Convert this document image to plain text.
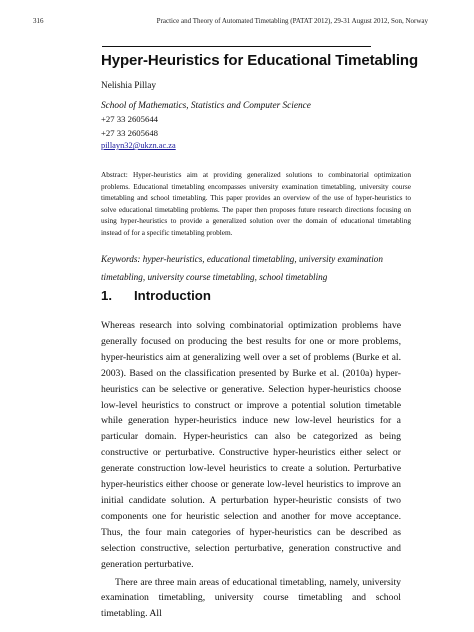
316	Practice and Theory of Automated Timetabling (PATAT 2012), 29-31 August 2012, Son, Norway
Hyper-Heuristics for Educational Timetabling
Nelishia Pillay
School of Mathematics, Statistics and Computer Science
+27 33 2605644
+27 33 2605648
pillayn32@ukzn.ac.za
Abstract: Hyper-heuristics aim at providing generalized solutions to combinatorial optimization problems. Educational timetabling encompasses university examination timetabling, university course timetabling and school timetabling. This paper provides an overview of the use of hyper-heuristics to solve educational timetabling problems. The paper then proposes future research directions focusing on using hyper-heuristics to provide a generalized solution over the domain of educational timetabling instead of for a specific timetabling problem.
Keywords: hyper-heuristics, educational timetabling, university examination timetabling, university course timetabling, school timetabling
1. Introduction

Whereas research into solving combinatorial optimization problems have generally focused on producing the best results for one or more problems, hyper-heuristics aim at generalizing well over a set of problems (Burke et al. 2003). Based on the classification presented by Burke et al. (2010a) hyper-heuristics can be selective or generative. Selection hyper-heuristics choose low-level heuristics to construct or improve a potential solution timetable while generation hyper-heuristics induce new low-level heuristics for a particular domain. Hyper-heuristics can also be categorized as being constructive or perturbative. Constructive hyper-heuristics either select or generate construction low-level heuristics to create a solution. Perturbative hyper-heuristics either choose or generate low-level heuristics to improve an initial candidate solution. A perturbation hyper-heuristic consists of two components one for heuristic selection and another for move acceptance. Thus, the four main categories of hyper-heuristics can be described as selection constructive, selection perturbative, generation constructive and generation perturbative.

There are three main areas of educational timetabling, namely, university examination timetabling, university course timetabling and school timetabling. All
